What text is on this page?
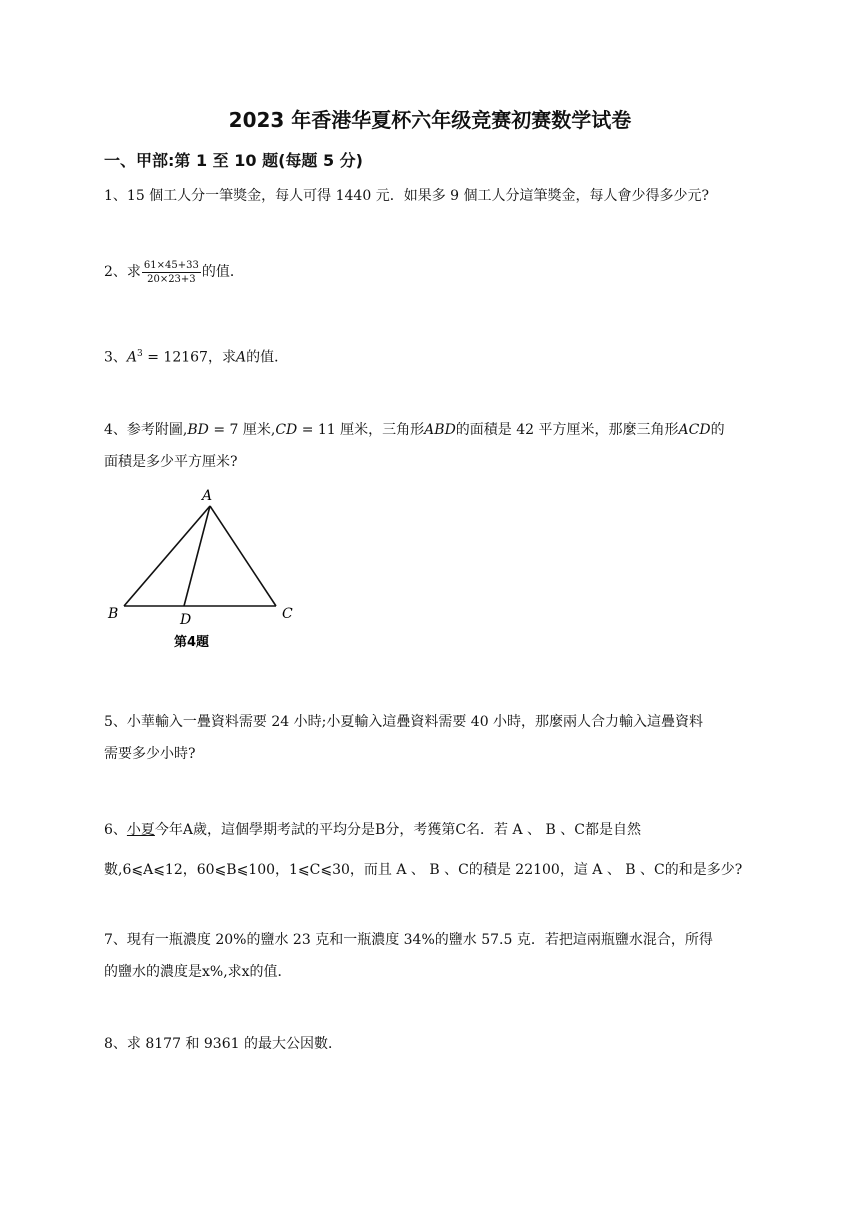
2023 年香港华夏杯六年级竞赛初赛数学试卷
一、甲部:第 1 至 10 题(每题 5 分)
1、15 個工人分一筆獎金，每人可得 1440 元．如果多 9 個工人分這筆獎金，每人會少得多少元?
2、求 $\frac{61\times 45+33}{20\times 23+3}$ 的值．
3、$A^3 = 12167$，求A的值．
4、参考附圖,BD = 7 厘米,CD = 11 厘米，三角形ABD的面積是 42 平方厘米，那麼三角形ACD的
面積是多少平方厘米?
A
B	D	C
第4題
5、小華輸入一疊資料需要 24 小時;小夏輸入這疊資料需要 40 小時，那麼兩人合力輸入這疊資料
需要多少小時?
6、小夏今年A歲，這個學期考試的平均分是B分，考獲第C名．若 A 、 B 、C都是自然
數,6⩽A⩽12，60⩽B⩽100，1⩽C⩽30，而且 A 、 B 、C的積是 22100，這 A 、 B 、C的和是多少?
7、現有一瓶濃度 20%的鹽水 23 克和一瓶濃度 34%的鹽水 57.5 克．若把這兩瓶鹽水混合，所得
的鹽水的濃度是x%,求x的值．
8、求 8177 和 9361 的最大公因數．
